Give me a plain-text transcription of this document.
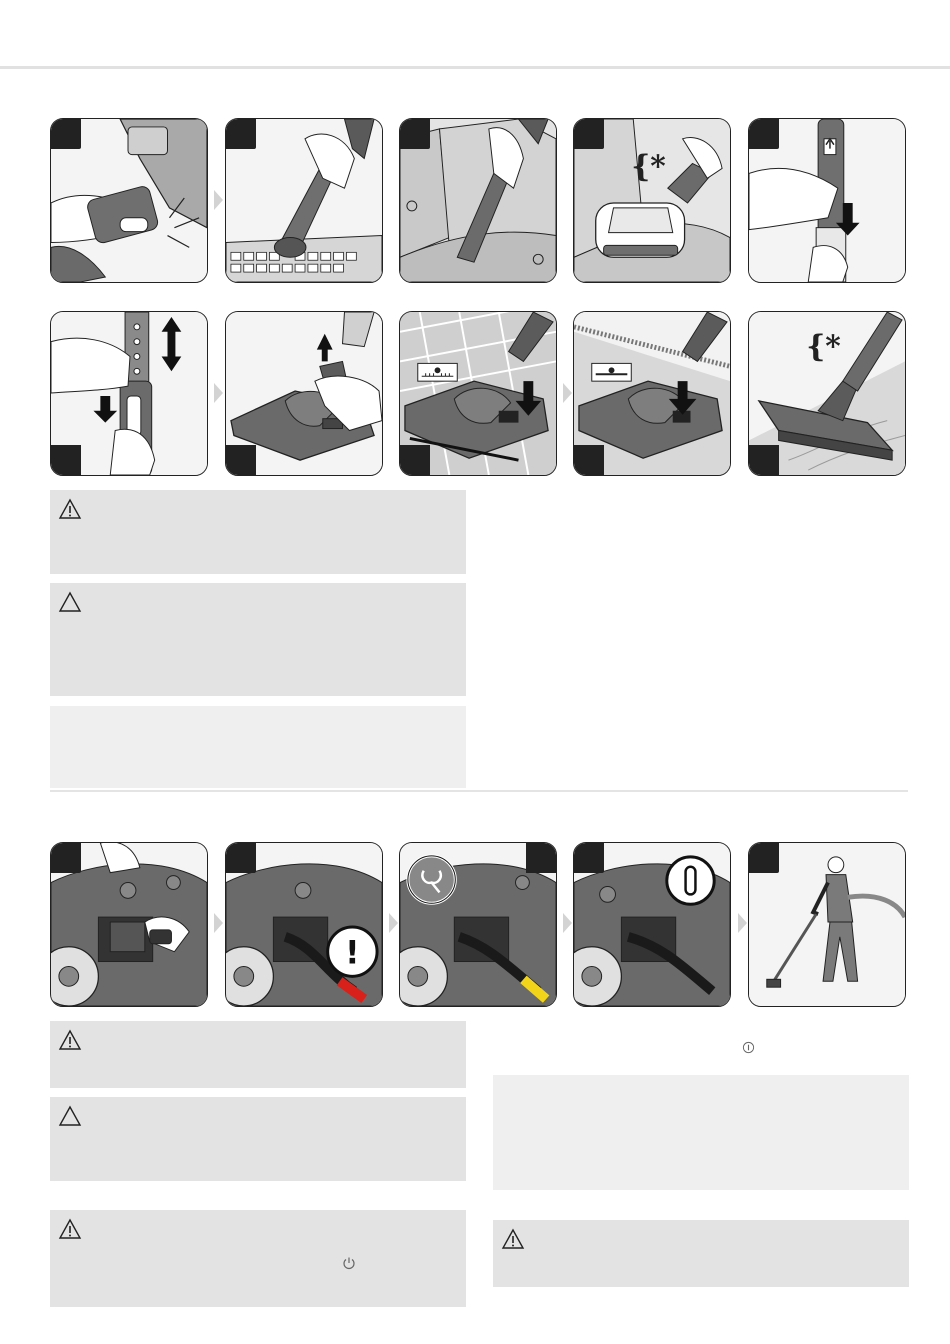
{*
{*
!
